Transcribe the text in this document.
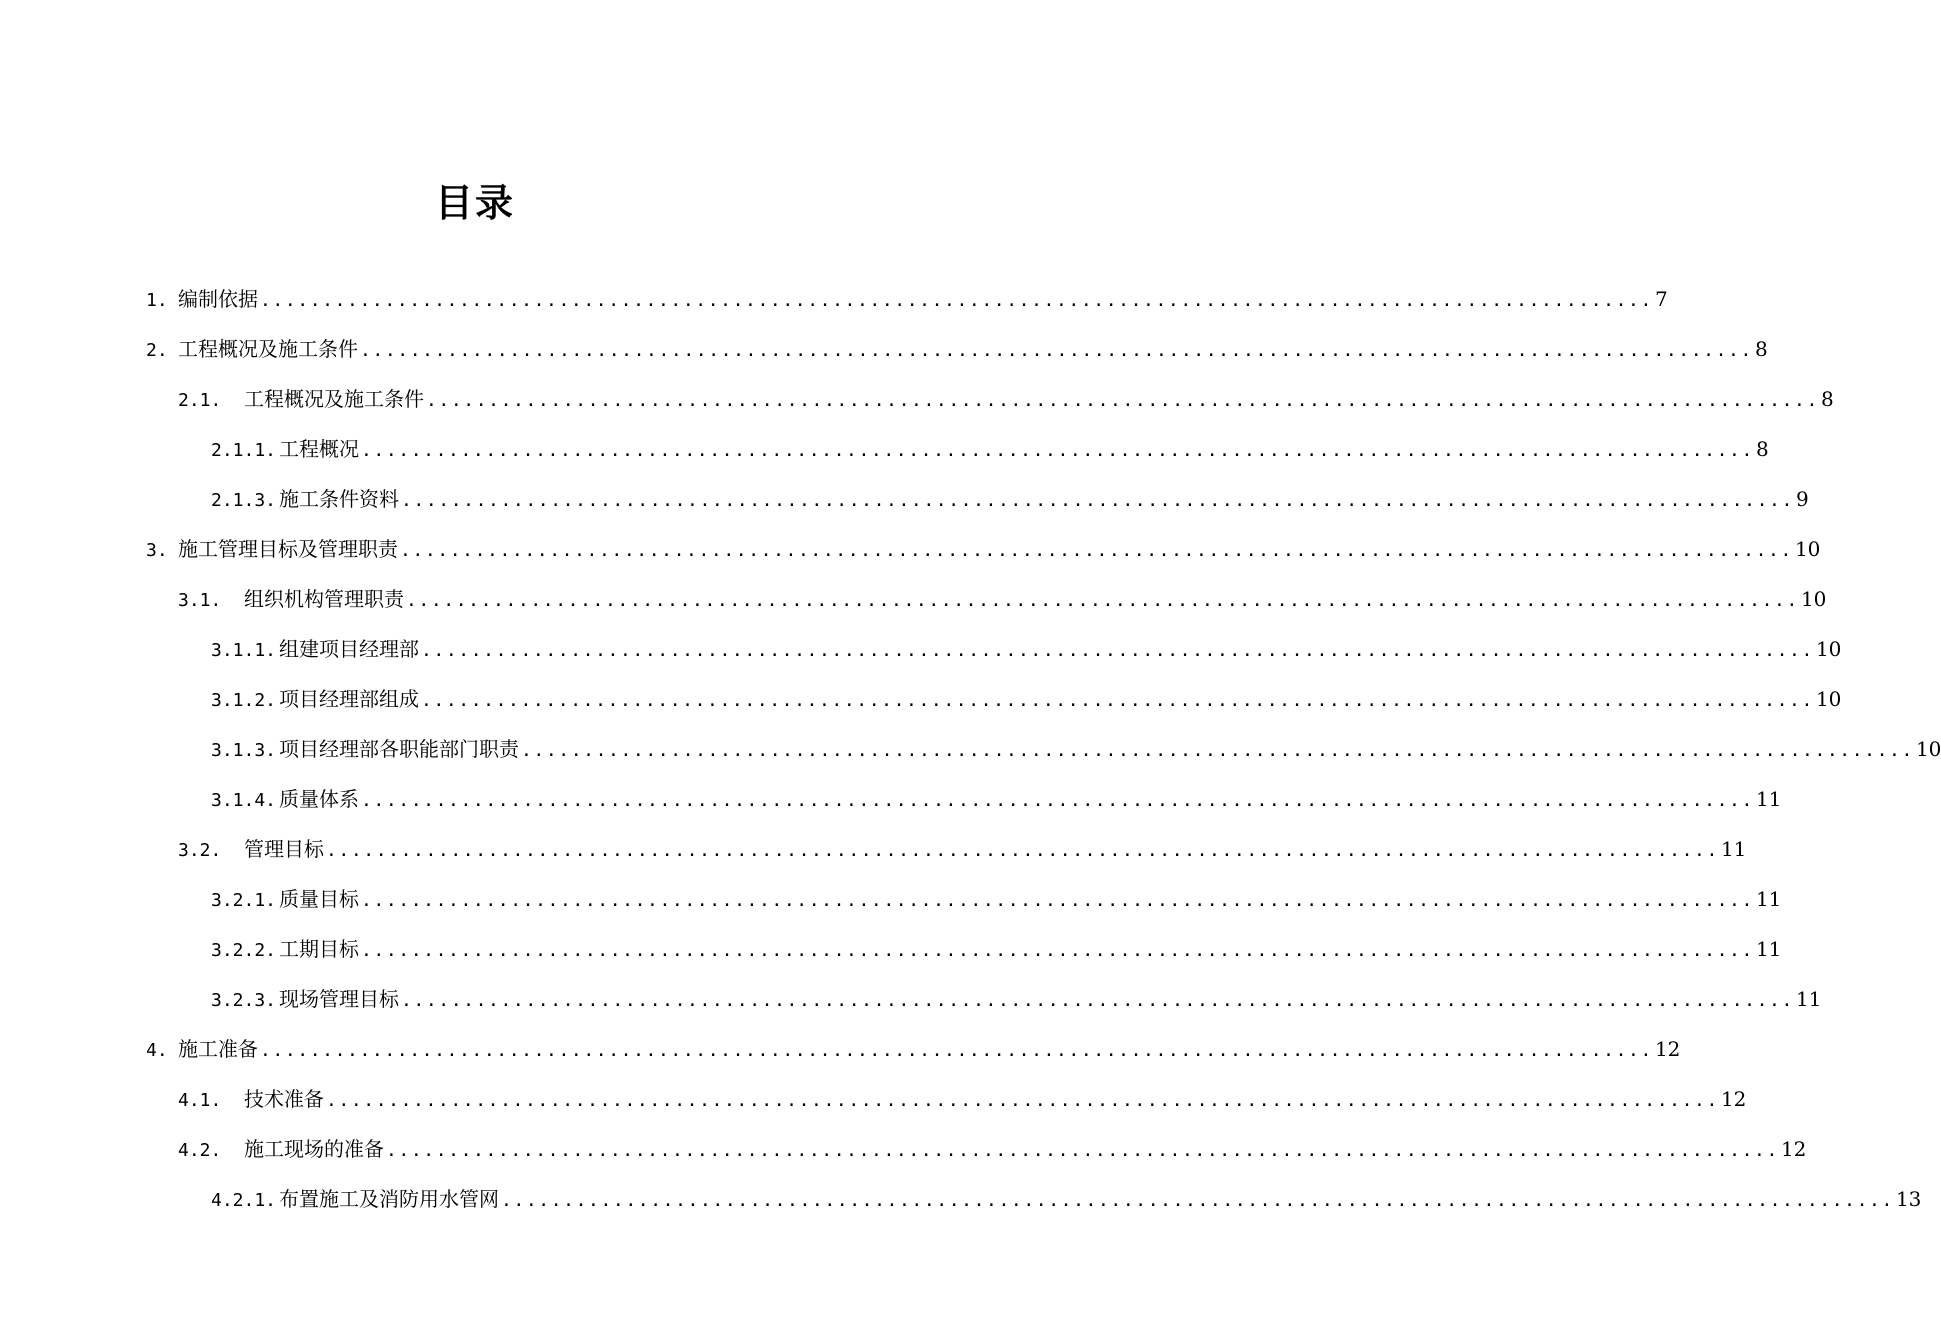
目录
1. 编制依据 ................................................................................................................ 7
2. 工程概况及施工条件 ................................................................................................................ 8
2.1.	工程概况及施工条件 ................................................................................................................ 8
2.1.1. 工程概况 ................................................................................................................ 8
2.1.3. 施工条件资料 ................................................................................................................ 9
3. 施工管理目标及管理职责 ................................................................................................................ 10
3.1.	组织机构管理职责 ................................................................................................................ 10
3.1.1. 组建项目经理部 ................................................................................................................ 10
3.1.2. 项目经理部组成 ................................................................................................................ 10
3.1.3. 项目经理部各职能部门职责 ................................................................................................................ 10
3.1.4. 质量体系 ................................................................................................................ 11
3.2.	管理目标 ................................................................................................................ 11
3.2.1. 质量目标 ................................................................................................................ 11
3.2.2. 工期目标 ................................................................................................................ 11
3.2.3. 现场管理目标 ................................................................................................................ 11
4. 施工准备 ................................................................................................................ 12
4.1.	技术准备 ................................................................................................................ 12
4.2.	施工现场的准备 ................................................................................................................ 12
4.2.1. 布置施工及消防用水管网 ................................................................................................................ 13
